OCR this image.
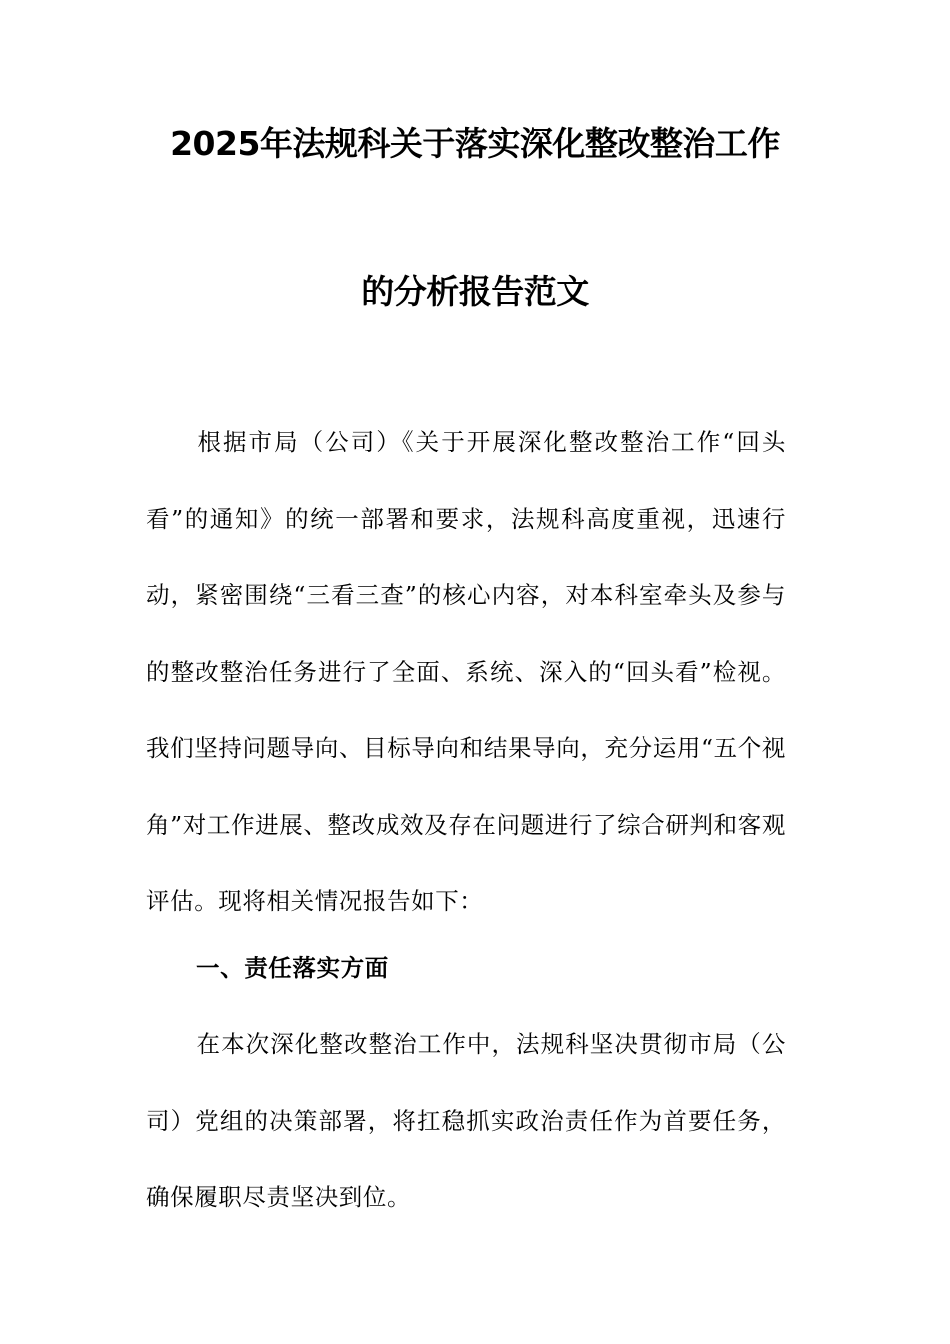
2025年法规科关于落实深化整改整治工作
的分析报告范文

根据市局（公司）《关于开展深化整改整治工作“回头看”的通知》的统一部署和要求，法规科高度重视，迅速行动，紧密围绕“三看三查”的核心内容，对本科室牵头及参与的整改整治任务进行了全面、系统、深入的“回头看”检视。我们坚持问题导向、目标导向和结果导向，充分运用“五个视角”对工作进展、整改成效及存在问题进行了综合研判和客观评估。现将相关情况报告如下：

一、责任落实方面

在本次深化整改整治工作中，法规科坚决贯彻市局（公司）党组的决策部署，将扛稳抓实政治责任作为首要任务，确保履职尽责坚决到位。
